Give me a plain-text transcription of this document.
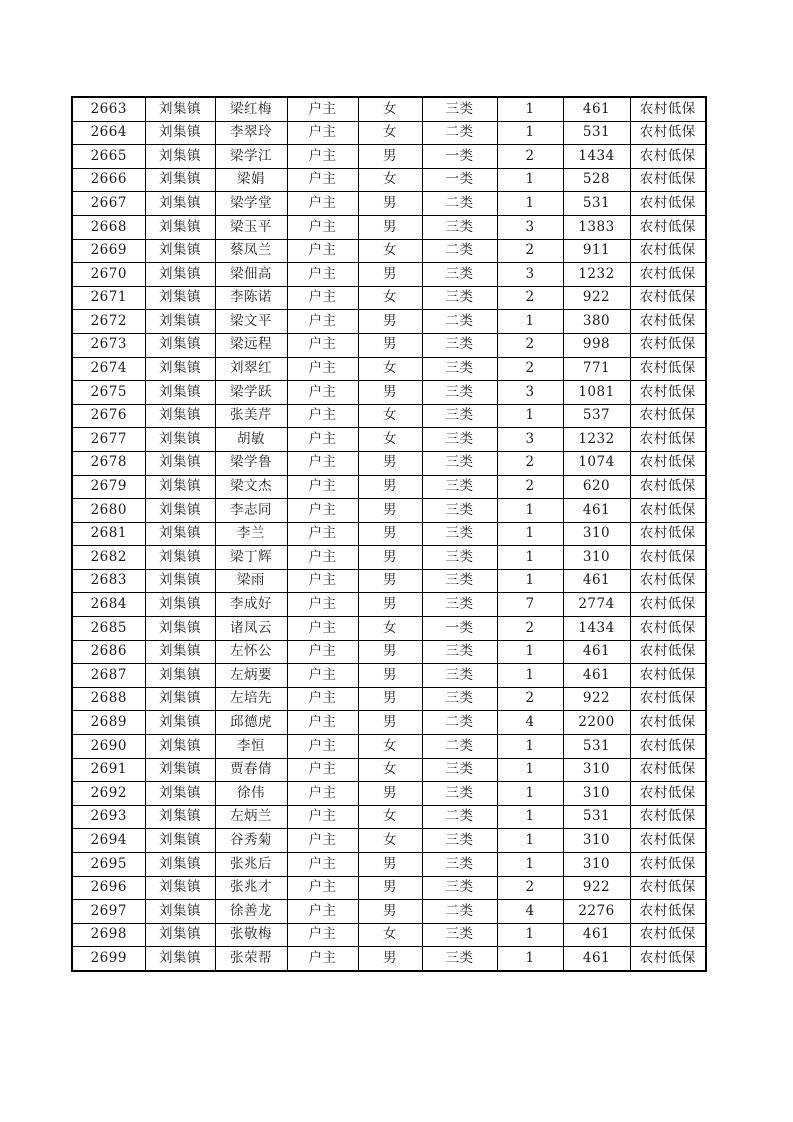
2663	刘集镇	梁红梅	户主	女	三类	1	461	农村低保
2664	刘集镇	李翠玲	户主	女	二类	1	531	农村低保
2665	刘集镇	梁学江	户主	男	一类	2	1434	农村低保
2666	刘集镇	梁娟	户主	女	一类	1	528	农村低保
2667	刘集镇	梁学堂	户主	男	二类	1	531	农村低保
2668	刘集镇	梁玉平	户主	男	三类	3	1383	农村低保
2669	刘集镇	蔡凤兰	户主	女	二类	2	911	农村低保
2670	刘集镇	梁佃高	户主	男	三类	3	1232	农村低保
2671	刘集镇	李陈诺	户主	女	三类	2	922	农村低保
2672	刘集镇	梁文平	户主	男	二类	1	380	农村低保
2673	刘集镇	梁远程	户主	男	三类	2	998	农村低保
2674	刘集镇	刘翠红	户主	女	三类	2	771	农村低保
2675	刘集镇	梁学跃	户主	男	三类	3	1081	农村低保
2676	刘集镇	张美芹	户主	女	三类	1	537	农村低保
2677	刘集镇	胡敏	户主	女	三类	3	1232	农村低保
2678	刘集镇	梁学鲁	户主	男	三类	2	1074	农村低保
2679	刘集镇	梁文杰	户主	男	三类	2	620	农村低保
2680	刘集镇	李志同	户主	男	三类	1	461	农村低保
2681	刘集镇	李兰	户主	男	三类	1	310	农村低保
2682	刘集镇	梁丁辉	户主	男	三类	1	310	农村低保
2683	刘集镇	梁雨	户主	男	三类	1	461	农村低保
2684	刘集镇	李成好	户主	男	三类	7	2774	农村低保
2685	刘集镇	诸凤云	户主	女	一类	2	1434	农村低保
2686	刘集镇	左怀公	户主	男	三类	1	461	农村低保
2687	刘集镇	左炳要	户主	男	三类	1	461	农村低保
2688	刘集镇	左培先	户主	男	三类	2	922	农村低保
2689	刘集镇	邱德虎	户主	男	二类	4	2200	农村低保
2690	刘集镇	李恒	户主	女	二类	1	531	农村低保
2691	刘集镇	贾春倩	户主	女	三类	1	310	农村低保
2692	刘集镇	徐伟	户主	男	三类	1	310	农村低保
2693	刘集镇	左炳兰	户主	女	二类	1	531	农村低保
2694	刘集镇	谷秀菊	户主	女	三类	1	310	农村低保
2695	刘集镇	张兆后	户主	男	三类	1	310	农村低保
2696	刘集镇	张兆才	户主	男	三类	2	922	农村低保
2697	刘集镇	徐善龙	户主	男	二类	4	2276	农村低保
2698	刘集镇	张敬梅	户主	女	三类	1	461	农村低保
2699	刘集镇	张荣帮	户主	男	三类	1	461	农村低保
